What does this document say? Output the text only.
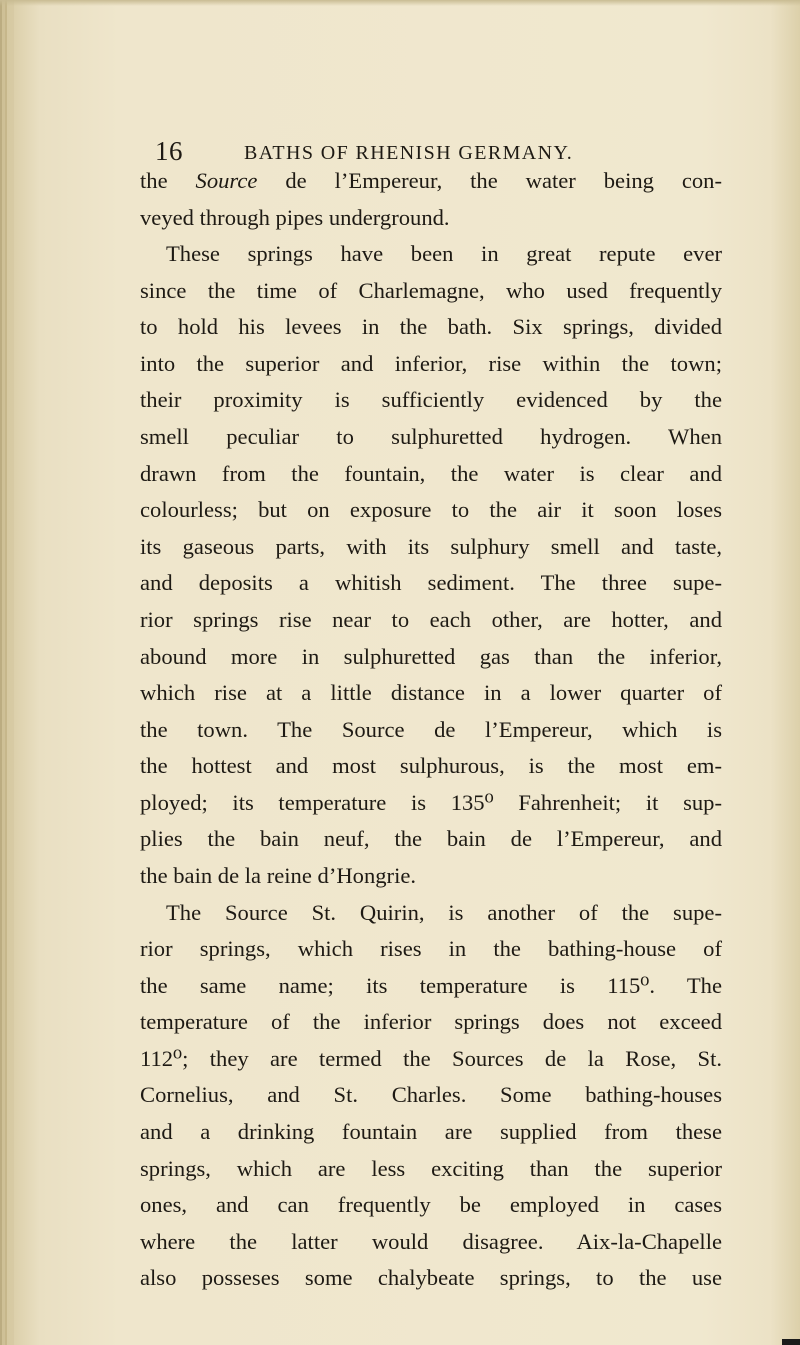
16	BATHS OF RHENISH GERMANY.
the Source de l’Empereur, the water being con-
veyed through pipes underground.
These springs have been in great repute ever
since the time of Charlemagne, who used frequently
to hold his levees in the bath. Six springs, divided
into the superior and inferior, rise within the town;
their proximity is sufficiently evidenced by the
smell peculiar to sulphuretted hydrogen. When
drawn from the fountain, the water is clear and
colourless; but on exposure to the air it soon loses
its gaseous parts, with its sulphury smell and taste,
and deposits a whitish sediment. The three supe-
rior springs rise near to each other, are hotter, and
abound more in sulphuretted gas than the inferior,
which rise at a little distance in a lower quarter of
the town. The Source de l’Empereur, which is
the hottest and most sulphurous, is the most em-
ployed; its temperature is 135⁰ Fahrenheit; it sup-
plies the bain neuf, the bain de l’Empereur, and
the bain de la reine d’Hongrie.
The Source St. Quirin, is another of the supe-
rior springs, which rises in the bathing-house of
the same name; its temperature is 115⁰. The
temperature of the inferior springs does not exceed
112⁰; they are termed the Sources de la Rose, St.
Cornelius, and St. Charles. Some bathing-houses
and a drinking fountain are supplied from these
springs, which are less exciting than the superior
ones, and can frequently be employed in cases
where the latter would disagree. Aix-la-Chapelle
also posseses some chalybeate springs, to the use
